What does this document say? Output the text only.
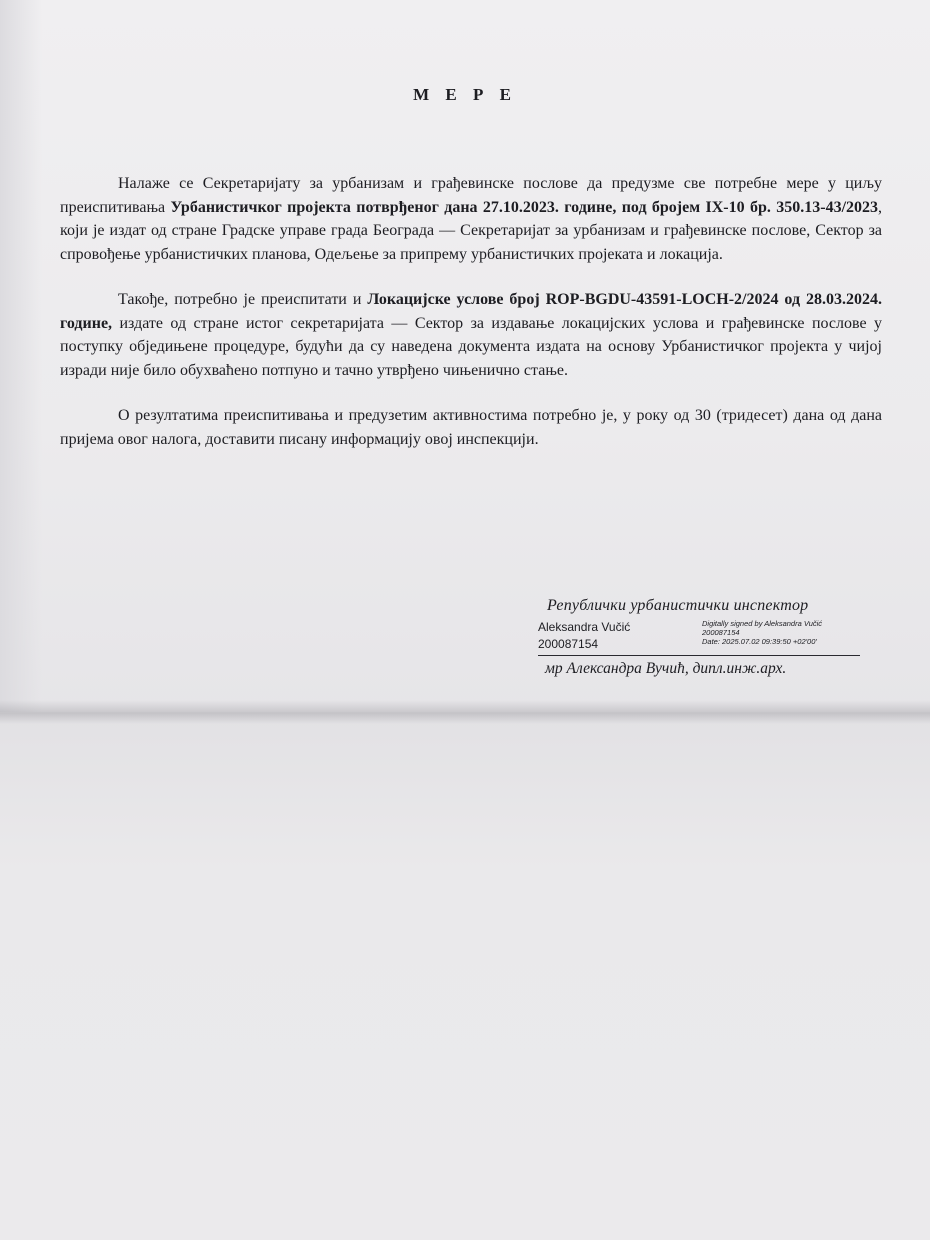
М Е Р Е

Налаже се Секретаријату за урбанизам и грађевинске послове да предузме све потребне мере у циљу преиспитивања Урбанистичког пројекта потврђеног дана 27.10.2023. године, под бројем IX-10 бр. 350.13-43/2023, који је издат од стране Градске управе града Београда — Секретаријат за урбанизам и грађевинске послове, Сектор за спровођење урбанистичких планова, Одељење за припрему урбанистичких пројеката и локација.

Такође, потребно је преиспитати и Локацијске услове број ROP-BGDU-43591-LOCH-2/2024 од 28.03.2024. године, издате од стране истог секретаријата — Сектор за издавање локацијских услова и грађевинске послове у поступку обједињене процедуре, будући да су наведена документа издата на основу Урбанистичког пројекта у чијој изради није било обухваћено потпуно и тачно утврђено чињенично стање.

О резултатима преиспитивања и предузетим активностима потребно је, у року од 30 (тридесет) дана од дана пријема овог налога, доставити писану информацију овој инспекцији.

Републички урбанистички инспектор
Aleksandra Vučić
200087154
Digitally signed by Aleksandra Vučić
200087154
Date: 2025.07.02 09:39:50 +02'00'
мр Александра Вучић, дипл.инж.арх.
